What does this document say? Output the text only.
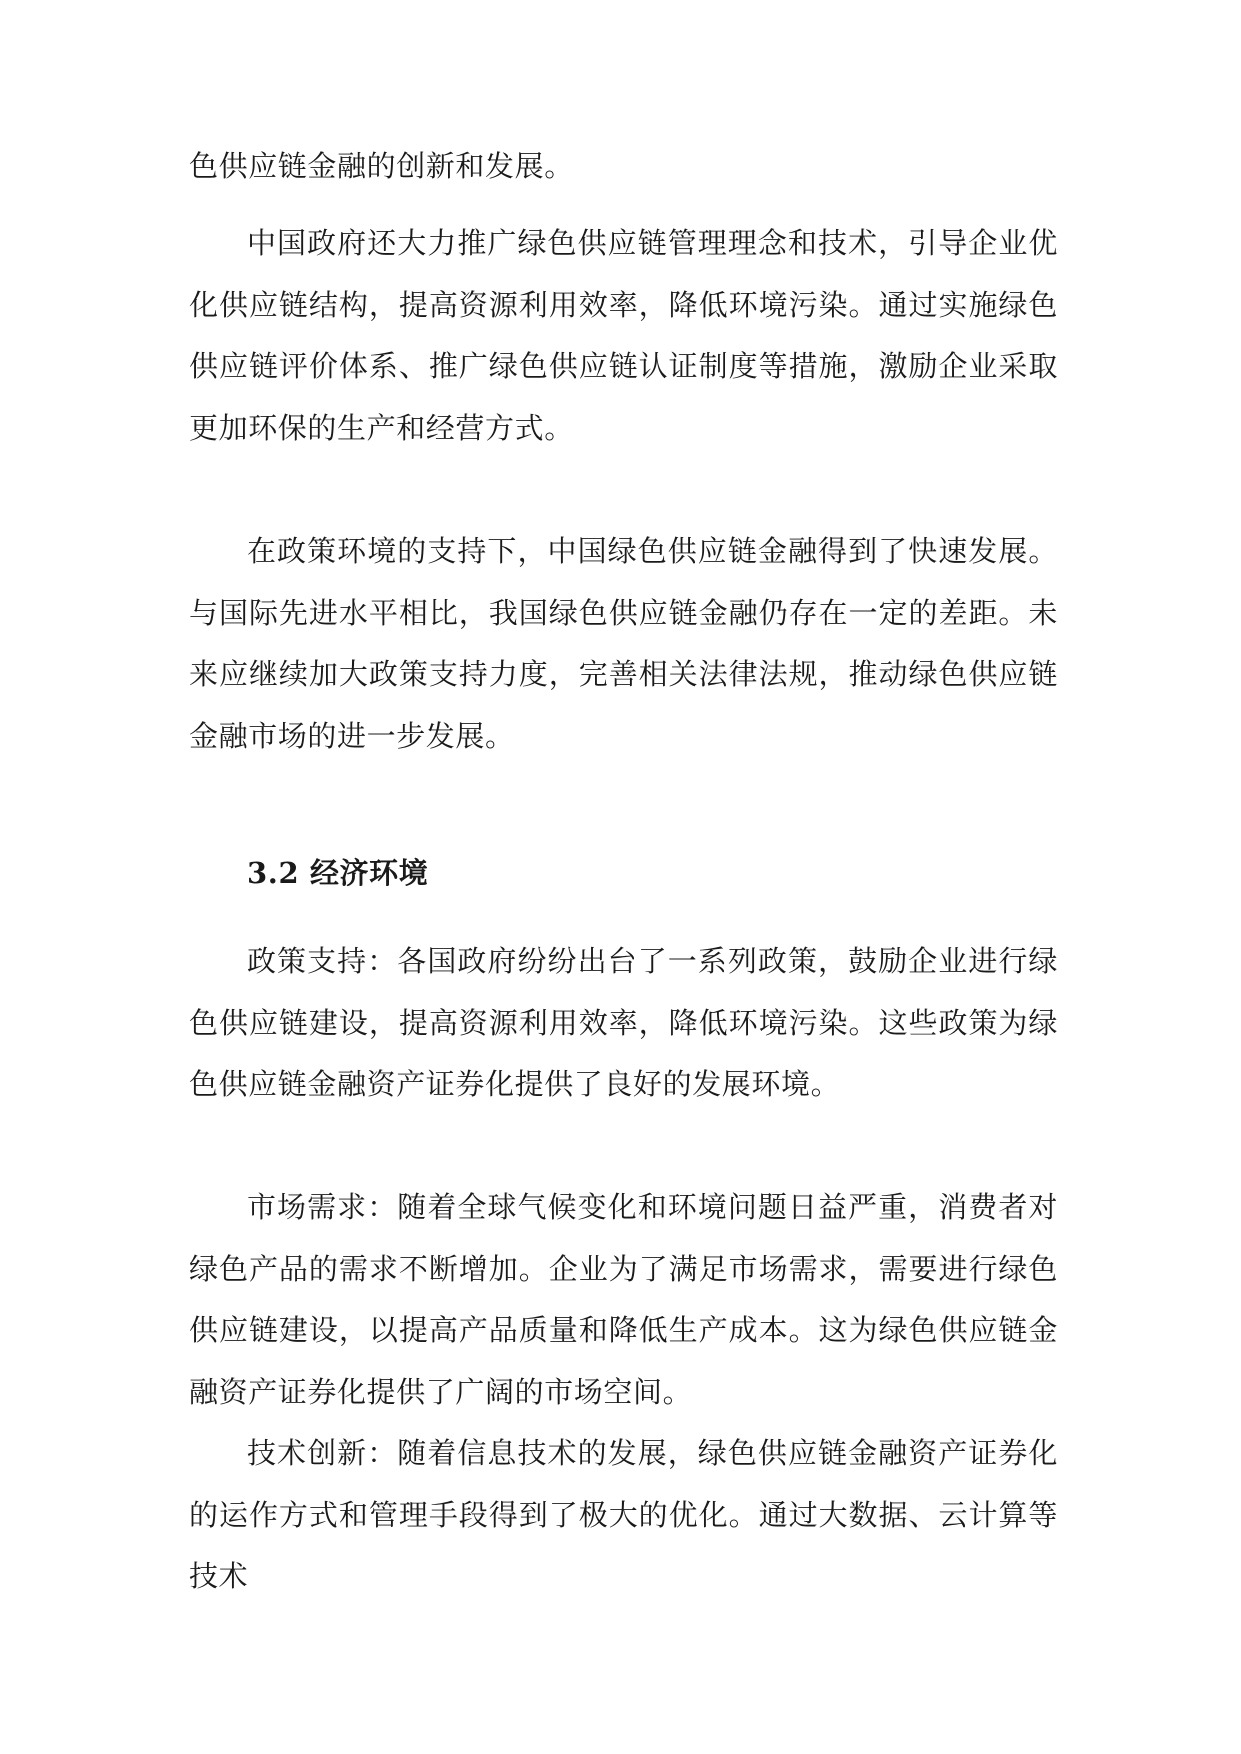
色供应链金融的创新和发展。

中国政府还大力推广绿色供应链管理理念和技术，引导企业优化供应链结构，提高资源利用效率，降低环境污染。通过实施绿色供应链评价体系、推广绿色供应链认证制度等措施，激励企业采取更加环保的生产和经营方式。

在政策环境的支持下，中国绿色供应链金融得到了快速发展。与国际先进水平相比，我国绿色供应链金融仍存在一定的差距。未来应继续加大政策支持力度，完善相关法律法规，推动绿色供应链金融市场的进一步发展。

3.2 经济环境

政策支持：各国政府纷纷出台了一系列政策，鼓励企业进行绿色供应链建设，提高资源利用效率，降低环境污染。这些政策为绿色供应链金融资产证券化提供了良好的发展环境。

市场需求：随着全球气候变化和环境问题日益严重，消费者对绿色产品的需求不断增加。企业为了满足市场需求，需要进行绿色供应链建设，以提高产品质量和降低生产成本。这为绿色供应链金融资产证券化提供了广阔的市场空间。

技术创新：随着信息技术的发展，绿色供应链金融资产证券化的运作方式和管理手段得到了极大的优化。通过大数据、云计算等技术
